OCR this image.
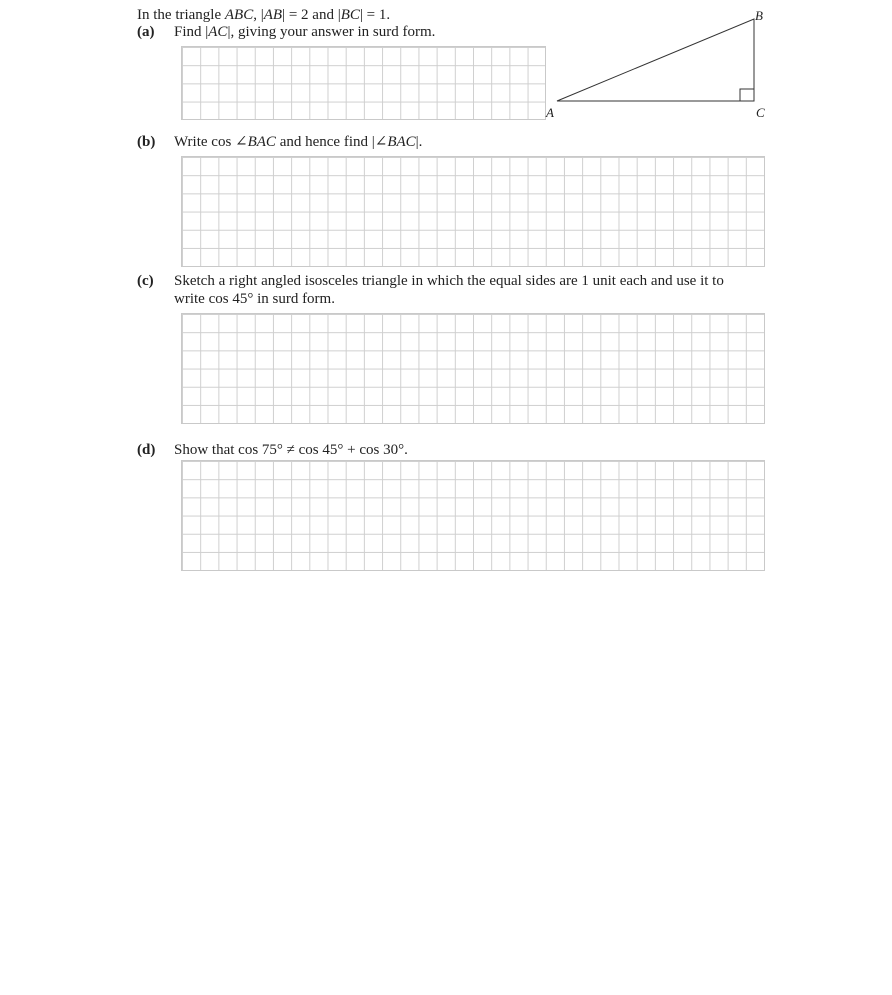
In the triangle ABC, |AB| = 2 and |BC| = 1.
(a) Find |AC|, giving your answer in surd form.
A
B
C
(b) Write cos ∠BAC and hence find |∠BAC|.
(c) Sketch a right angled isosceles triangle in which the equal sides are 1 unit each and use it to
write cos 45° in surd form.
(d) Show that cos 75° ≠ cos 45° + cos 30°.
